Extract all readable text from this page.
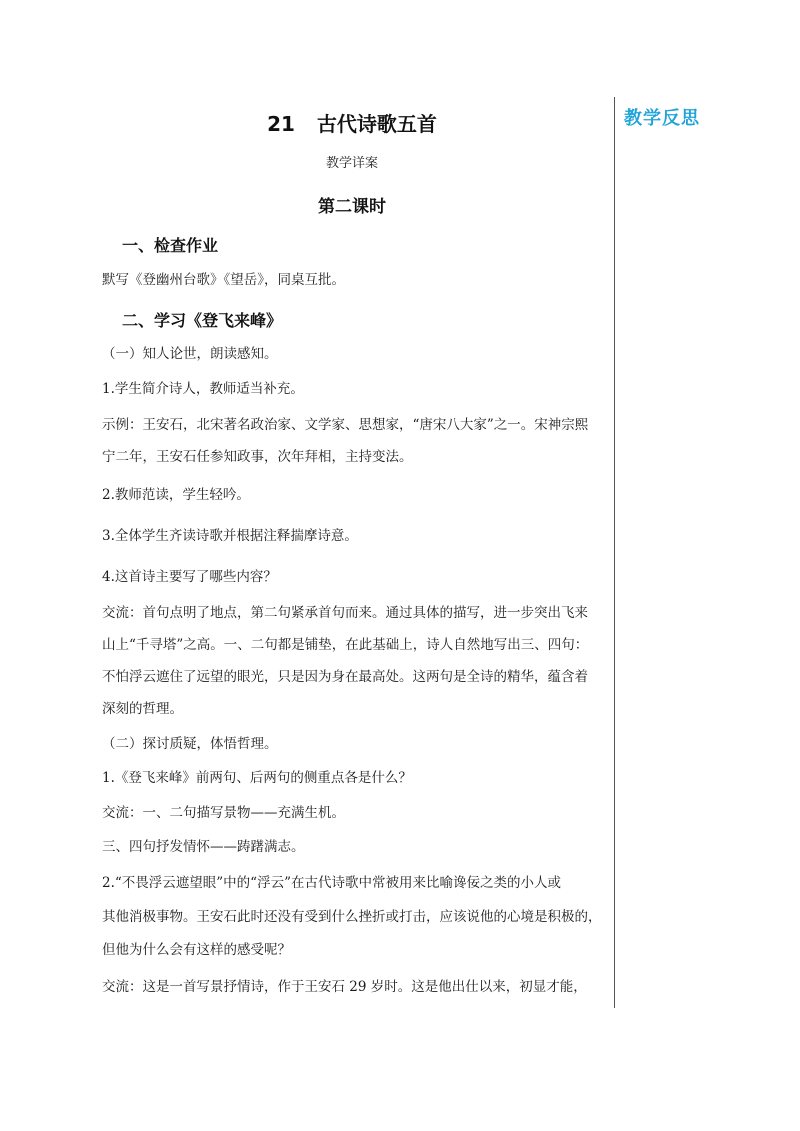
教学反思
21 古代诗歌五首
教学详案
第二课时
一、检查作业
默写《登幽州台歌》《望岳》，同桌互批。
二、学习《登飞来峰》
（一）知人论世，朗读感知。
1.学生简介诗人，教师适当补充。
示例：王安石，北宋著名政治家、文学家、思想家，“唐宋八大家”之一。宋神宗熙
宁二年，王安石任参知政事，次年拜相，主持变法。
2.教师范读，学生轻吟。
3.全体学生齐读诗歌并根据注释揣摩诗意。
4.这首诗主要写了哪些内容？
交流：首句点明了地点，第二句紧承首句而来。通过具体的描写，进一步突出飞来
山上“千寻塔”之高。一、二句都是铺垫，在此基础上，诗人自然地写出三、四句：
不怕浮云遮住了远望的眼光，只是因为身在最高处。这两句是全诗的精华，蕴含着
深刻的哲理。
（二）探讨质疑，体悟哲理。
1.《登飞来峰》前两句、后两句的侧重点各是什么？
交流：一、二句描写景物——充满生机。
三、四句抒发情怀——踌躇满志。
2.“不畏浮云遮望眼”中的“浮云”在古代诗歌中常被用来比喻谗佞之类的小人或
其他消极事物。王安石此时还没有受到什么挫折或打击，应该说他的心境是积极的，
但他为什么会有这样的感受呢？
交流：这是一首写景抒情诗，作于王安石 29 岁时。这是他出仕以来，初显才能，
